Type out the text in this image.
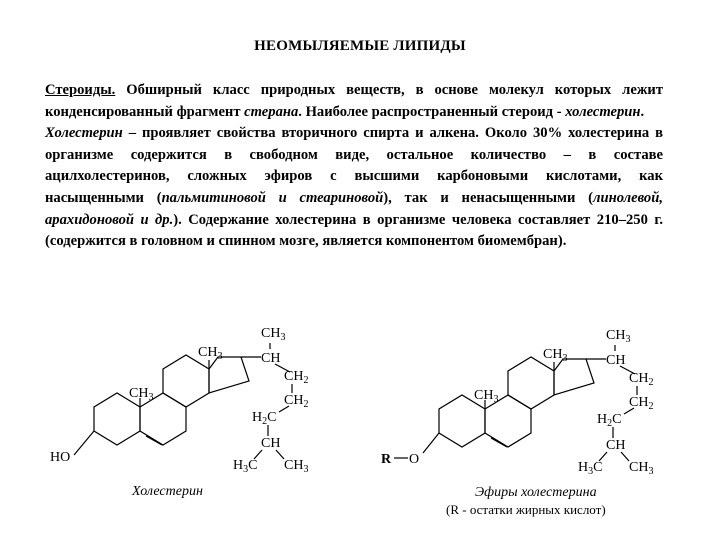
НЕОМЫЛЯЕМЫЕ ЛИПИДЫ

Стероиды. Обширный класс природных веществ, в основе молекул которых лежит конденсированный фрагмент стерана. Наиболее распространенный стероид - холестерин.

Холестерин – проявляет свойства вторичного спирта и алкена. Около 30% холестерина в организме содержится в свободном виде, остальное количество – в составе ацилхолестеринов, сложных эфиров с высшими карбоновыми кислотами, как насыщенными (пальмитиновой и стеариновой), так и ненасыщенными (линолевой, арахидоновой и др.). Содержание холестерина в организме человека составляет 210–250 г. (содержится в головном и спинном мозге, является компонентом биомембран).

HO
$CH_3$
$CH_3$
$CH_3$
CH
$CH_2$
$CH_2$
$H_2C$
CH
$H_3C$ $CH_3$
Холестерин
R O
$CH_3$
$CH_3$
$CH_3$
CH
$CH_2$
$CH_2$
$H_2C$
CH
$H_3C$ $CH_3$
Эфиры холестерина
(R - остатки жирных кислот)
